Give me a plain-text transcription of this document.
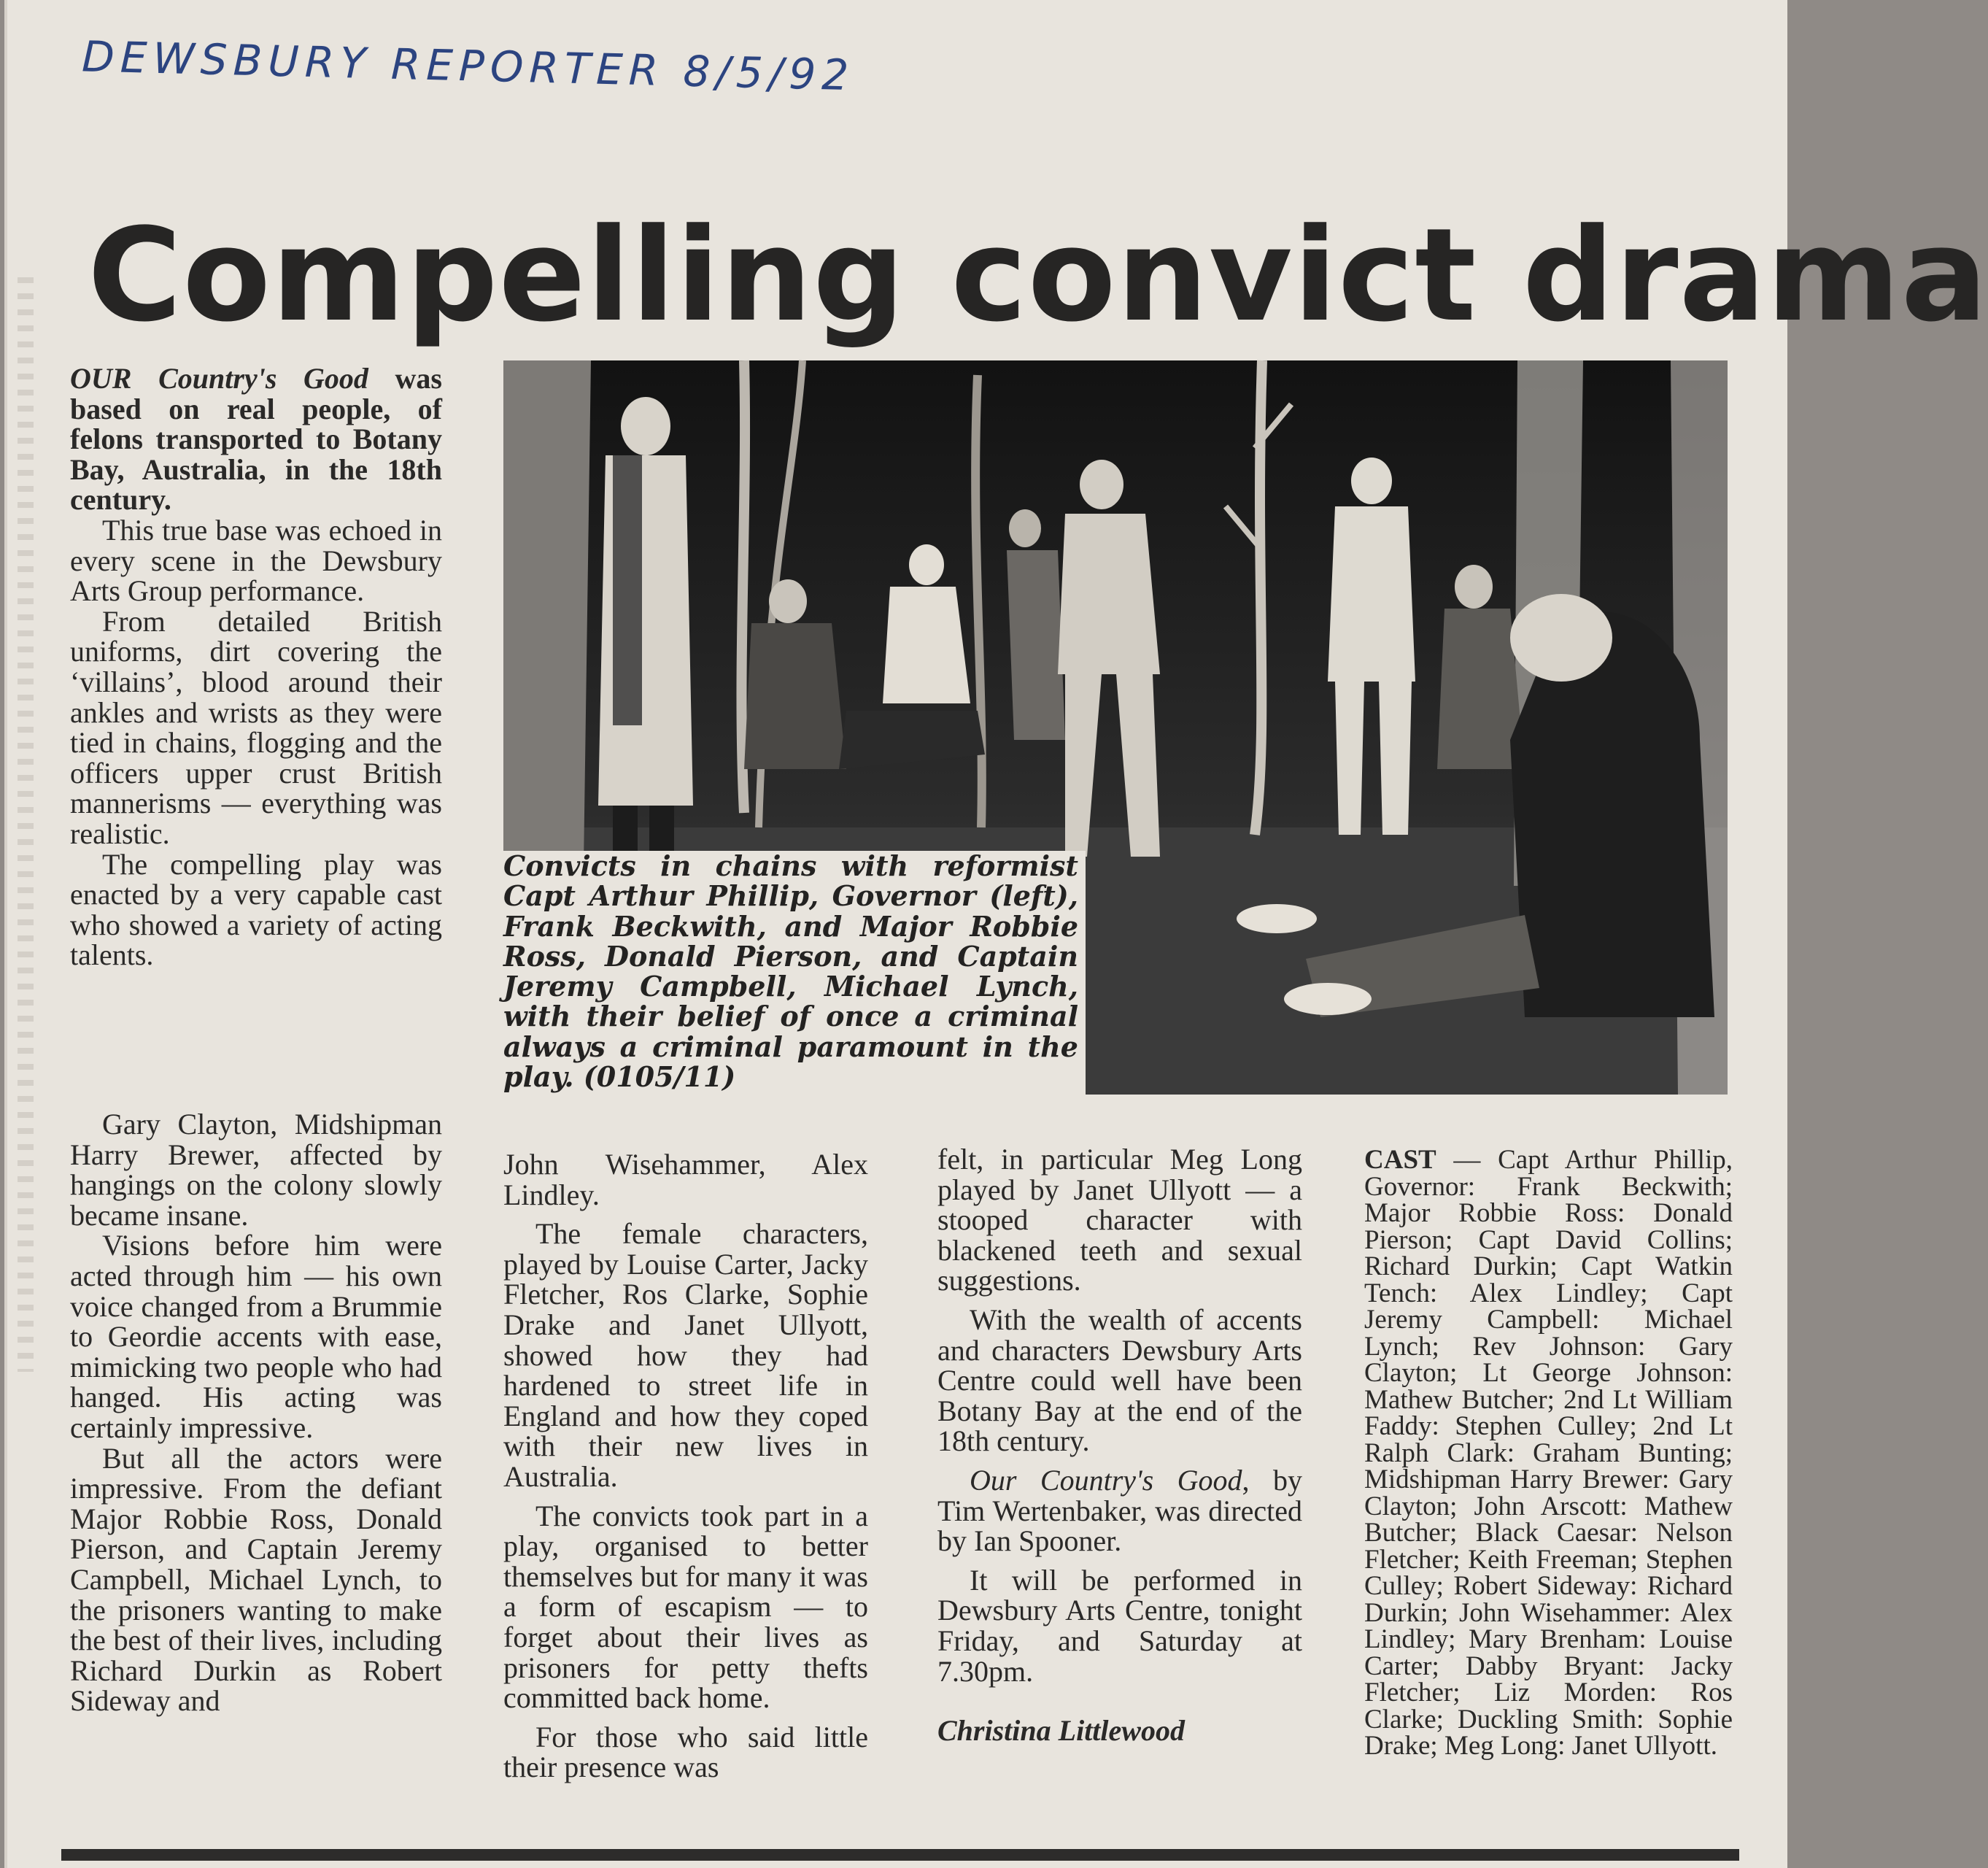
DEWSBURY REPORTER 8/5/92
Compelling convict drama

OUR Country's Good was based on real people, of felons transported to Botany Bay, Australia, in the 18th century.

This true base was echoed in every scene in the Dewsbury Arts Group performance.

From detailed British uniforms, dirt covering the ‘villains’, blood around their ankles and wrists as they were tied in chains, flogging and the officers upper crust British mannerisms — everything was realistic.

The compelling play was enacted by a very capable cast who showed a variety of acting talents.

Gary Clayton, Midshipman Harry Brewer, affected by hangings on the colony slowly became insane.

Visions before him were acted through him — his own voice changed from a Brummie to Geordie accents with ease, mimicking two people who had hanged. His acting was certainly impressive.

But all the actors were impressive. From the defiant Major Robbie Ross, Donald Pierson, and Captain Jeremy Campbell, Michael Lynch, to the prisoners wanting to make the best of their lives, including Richard Durkin as Robert Sideway and

Convicts in chains with reformist Capt Arthur Phillip, Governor (left), Frank Beckwith, and Major Robbie Ross, Donald Pierson, and Captain Jeremy Campbell, Michael Lynch, with their belief of once a criminal always a criminal paramount in the play. (0105/11)

John Wisehammer, Alex Lindley.

The female characters, played by Louise Carter, Jacky Fletcher, Ros Clarke, Sophie Drake and Janet Ullyott, showed how they had hardened to street life in England and how they coped with their new lives in Australia.

The convicts took part in a play, organised to better themselves but for many it was a form of escapism — to forget about their lives as prisoners for petty thefts committed back home.

For those who said little their presence was

felt, in particular Meg Long played by Janet Ullyott — a stooped character with blackened teeth and sexual suggestions.

With the wealth of accents and characters Dewsbury Arts Centre could well have been Botany Bay at the end of the 18th century.

Our Country's Good, by Tim Wertenbaker, was directed by Ian Spooner.

It will be performed in Dewsbury Arts Centre, tonight Friday, and Saturday at 7.30pm.

Christina Littlewood

CAST — Capt Arthur Phillip, Governor: Frank Beckwith; Major Robbie Ross: Donald Pierson; Capt David Collins; Richard Durkin; Capt Watkin Tench: Alex Lindley; Capt Jeremy Campbell: Michael Lynch; Rev Johnson: Gary Clayton; Lt George Johnson: Mathew Butcher; 2nd Lt William Faddy: Stephen Culley; 2nd Lt Ralph Clark: Graham Bunting; Midshipman Harry Brewer: Gary Clayton; John Arscott: Mathew Butcher; Black Caesar: Nelson Fletcher; Keith Freeman; Stephen Culley; Robert Sideway: Richard Durkin; John Wisehammer: Alex Lindley; Mary Brenham: Louise Carter; Dabby Bryant: Jacky Fletcher; Liz Morden: Ros Clarke; Duckling Smith: Sophie Drake; Meg Long: Janet Ullyott.
